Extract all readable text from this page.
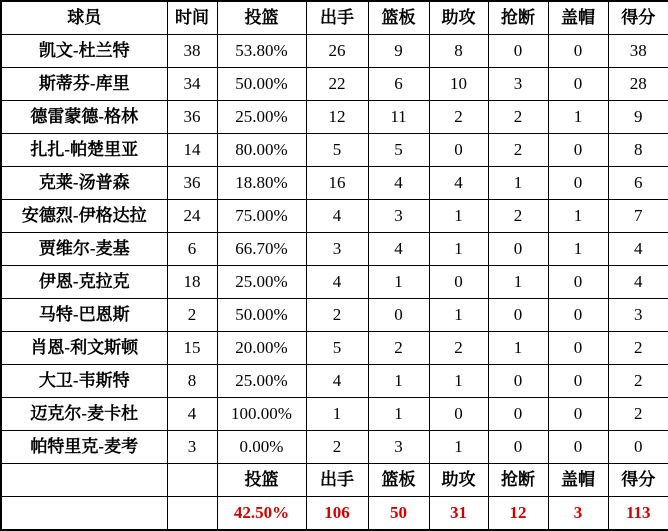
球员	时间	投篮	出手	篮板	助攻	抢断	盖帽	得分
凯文-杜兰特	38	53.80%	26	9	8	0	0	38
斯蒂芬-库里	34	50.00%	22	6	10	3	0	28
德雷蒙德-格林	36	25.00%	12	11	2	2	1	9
扎扎-帕楚里亚	14	80.00%	5	5	0	2	0	8
克莱-汤普森	36	18.80%	16	4	4	1	0	6
安德烈-伊格达拉	24	75.00%	4	3	1	2	1	7
贾维尔-麦基	6	66.70%	3	4	1	0	1	4
伊恩-克拉克	18	25.00%	4	1	0	1	0	4
马特-巴恩斯	2	50.00%	2	0	1	0	0	3
肖恩-利文斯顿	15	20.00%	5	2	2	1	0	2
大卫-韦斯特	8	25.00%	4	1	1	0	0	2
迈克尔-麦卡杜	4	100.00%	1	1	0	0	0	2
帕特里克-麦考	3	0.00%	2	3	1	0	0	0
		投篮	出手	篮板	助攻	抢断	盖帽	得分
		42.50%	106	50	31	12	3	113
